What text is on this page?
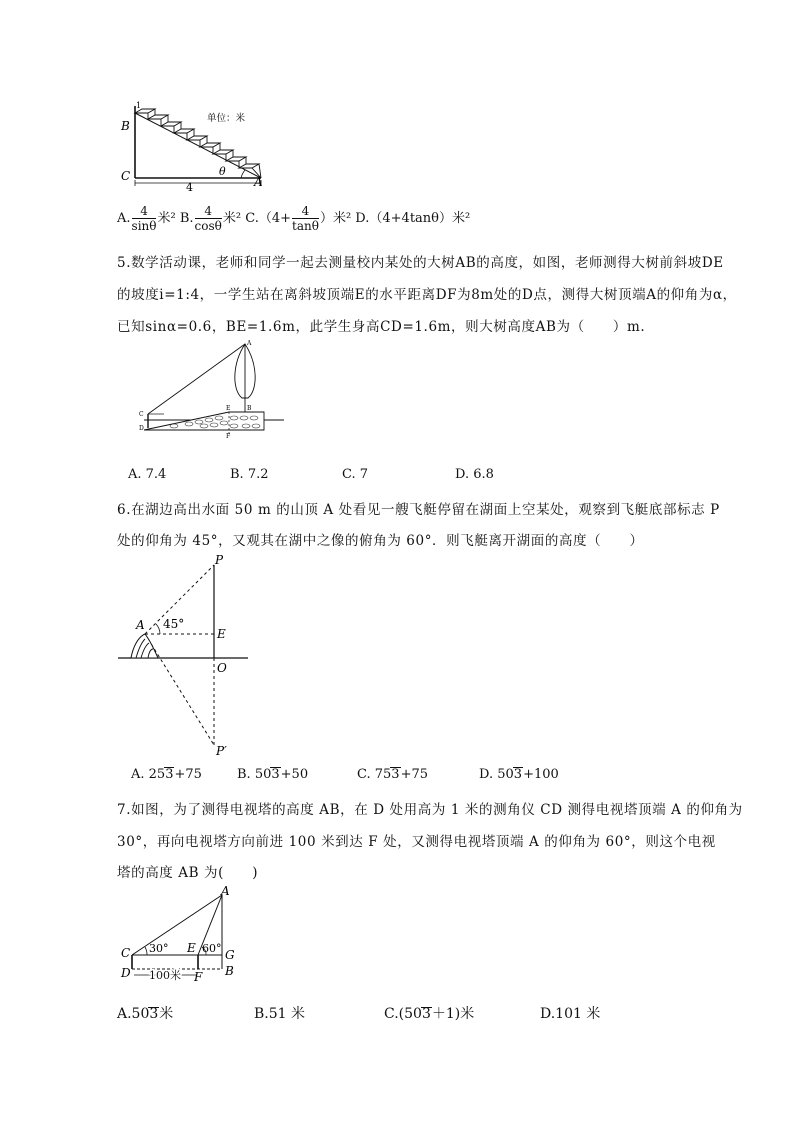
单位：米
1
B
C	A
θ
4
A. $\frac{4}{\sin\theta}$ 米² B. $\frac{4}{\cos\theta}$ 米² $C.(4+ \frac{4}{\tan\theta}$ ）米² D.（4+4tanθ）米²
5.数学活动课，老师和同学一起去测量校内某处的大树AB的高度，如图，老师测得大树前斜坡DE
的坡度i=1:4，一学生站在离斜坡顶端E的水平距离DF为8m处的D点，测得大树顶端A的仰角为α，
已知sinα=0.6，BE=1.6m，此学生身高CD=1.6m，则大树高度AB为（　　）m.
A
B
C
D
E
F
A. 7.4	B. 7.2	C. 7	D. 6.8
6.在湖边高出水面 50 m 的山顶 A 处看见一艘飞艇停留在湖面上空某处，观察到飞艇底部标志 P
处的仰角为 45°，又观其在湖中之像的俯角为 60°．则飞艇离开湖面的高度（　　）
P
A 45°
E
O
P′
A. 253+75	B. 503+50	C. 753+75	D. 503+100
7.如图，为了测得电视塔的高度 AB，在 D 处用高为 1 米的测角仪 CD 测得电视塔顶端 A 的仰角为
30°，再向电视塔方向前进 100 米到达 F 处，又测得电视塔顶端 A 的仰角为 60°，则这个电视
塔的高度 AB 为(　　)
A
C 30° E 60° G
D 100米 F B
A.503米	B.51 米	C.(503＋1)米	D.101 米
